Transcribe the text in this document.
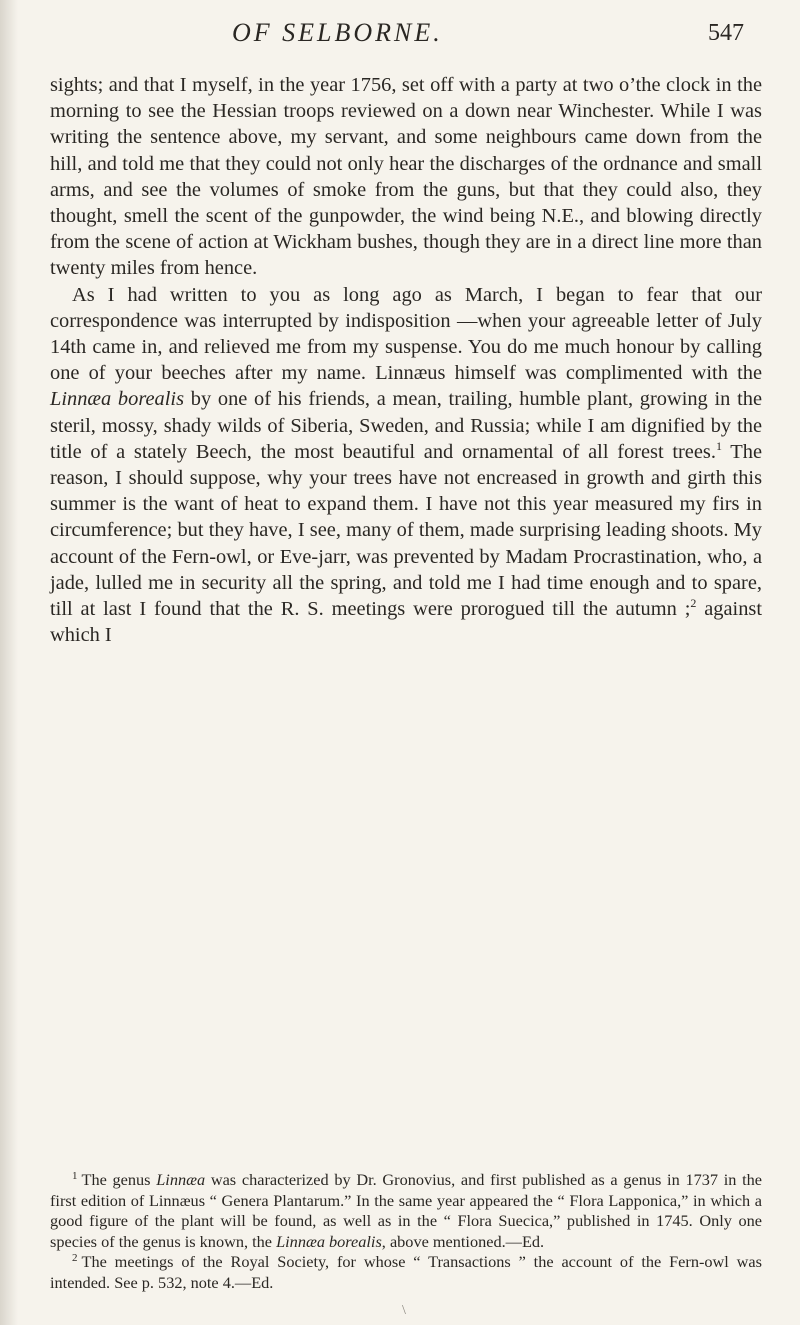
OF SELBORNE.	547

sights; and that I myself, in the year 1756, set off with a party at two o’the clock in the morning to see the Hessian troops reviewed on a down near Winchester. While I was writing the sentence above, my servant, and some neighbours came down from the hill, and told me that they could not only hear the discharges of the ordnance and small arms, and see the volumes of smoke from the guns, but that they could also, they thought, smell the scent of the gunpowder, the wind being N.E., and blowing directly from the scene of action at Wickham bushes, though they are in a direct line more than twenty miles from hence.

As I had written to you as long ago as March, I began to fear that our correspondence was interrupted by indisposition —when your agreeable letter of July 14th came in, and relieved me from my suspense. You do me much honour by calling one of your beeches after my name. Linnæus himself was complimented with the Linnæa borealis by one of his friends, a mean, trailing, humble plant, growing in the steril, mossy, shady wilds of Siberia, Sweden, and Russia; while I am dignified by the title of a stately Beech, the most beautiful and ornamental of all forest trees.$^1$ The reason, I should suppose, why your trees have not encreased in growth and girth this summer is the want of heat to expand them. I have not this year measured my firs in circumference; but they have, I see, many of them, made surprising leading shoots. My account of the Fern-owl, or Eve-jarr, was prevented by Madam Procrastination, who, a jade, lulled me in security all the spring, and told me I had time enough and to spare, till at last I found that the R. S. meetings were prorogued till the autumn ;$^2$ against which I

$^1$ The genus Linnæa was characterized by Dr. Gronovius, and first published as a genus in 1737 in the first edition of Linnæus “ Genera Plantarum.” In the same year appeared the “ Flora Lapponica,” in which a good figure of the plant will be found, as well as in the “ Flora Suecica,” published in 1745. Only one species of the genus is known, the Linnæa borealis, above mentioned.—Ed.

$^2$ The meetings of the Royal Society, for whose “ Transactions ” the account of the Fern-owl was intended. See p. 532, note 4.—Ed.

\
